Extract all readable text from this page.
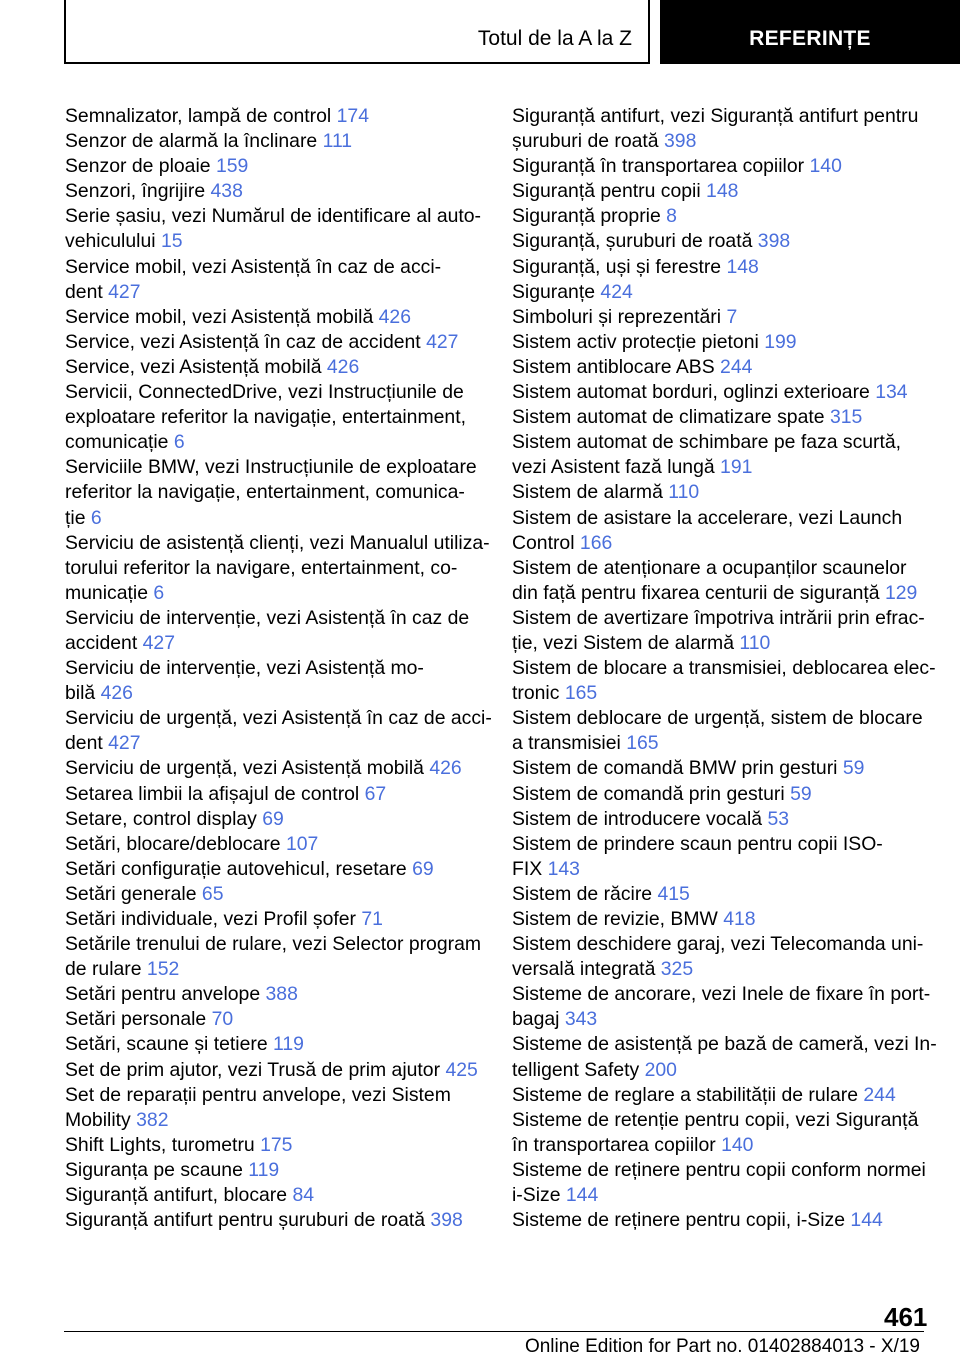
Totul de la A la Z	REFERINȚE

Semnalizator, lampă de control 174

Senzor de alarmă la înclinare 111

Senzor de ploaie 159

Senzori, îngrijire 438

Serie șasiu, vezi Numărul de identificare al auto-
vehiculului 15

Service mobil, vezi Asistență în caz de acci-
dent 427

Service mobil, vezi Asistență mobilă 426

Service, vezi Asistență în caz de accident 427

Service, vezi Asistență mobilă 426

Servicii, ConnectedDrive, vezi Instrucțiunile de
exploatare referitor la navigație, entertainment,
comunicație 6

Serviciile BMW, vezi Instrucțiunile de exploatare
referitor la navigație, entertainment, comunica-
ție 6

Serviciu de asistență clienți, vezi Manualul utiliza-
torului referitor la navigare, entertainment, co-
municație 6

Serviciu de intervenție, vezi Asistență în caz de
accident 427

Serviciu de intervenție, vezi Asistență mo-
bilă 426

Serviciu de urgență, vezi Asistență în caz de acci-
dent 427

Serviciu de urgență, vezi Asistență mobilă 426

Setarea limbii la afișajul de control 67

Setare, control display 69

Setări, blocare/deblocare 107

Setări configurație autovehicul, resetare 69

Setări generale 65

Setări individuale, vezi Profil șofer 71

Setările trenului de rulare, vezi Selector program
de rulare 152

Setări pentru anvelope 388

Setări personale 70

Setări, scaune și tetiere 119

Set de prim ajutor, vezi Trusă de prim ajutor 425

Set de reparații pentru anvelope, vezi Sistem
Mobility 382

Shift Lights, turometru 175

Siguranța pe scaune 119

Siguranță antifurt, blocare 84

Siguranță antifurt pentru șuruburi de roată 398

Siguranță antifurt, vezi Siguranță antifurt pentru
șuruburi de roată 398

Siguranță în transportarea copiilor 140

Siguranță pentru copii 148

Siguranță proprie 8

Siguranță, șuruburi de roată 398

Siguranță, uși și ferestre 148

Siguranțe 424

Simboluri și reprezentări 7

Sistem activ protecție pietoni 199

Sistem antiblocare ABS 244

Sistem automat borduri, oglinzi exterioare 134

Sistem automat de climatizare spate 315

Sistem automat de schimbare pe faza scurtă,
vezi Asistent fază lungă 191

Sistem de alarmă 110

Sistem de asistare la accelerare, vezi Launch
Control 166

Sistem de atenționare a ocupanților scaunelor
din față pentru fixarea centurii de siguranță 129

Sistem de avertizare împotriva intrării prin efrac-
ție, vezi Sistem de alarmă 110

Sistem de blocare a transmisiei, deblocarea elec-
tronic 165

Sistem deblocare de urgență, sistem de blocare
a transmisiei 165

Sistem de comandă BMW prin gesturi 59

Sistem de comandă prin gesturi 59

Sistem de introducere vocală 53

Sistem de prindere scaun pentru copii ISO-
FIX 143

Sistem de răcire 415

Sistem de revizie, BMW 418

Sistem deschidere garaj, vezi Telecomanda uni-
versală integrată 325

Sisteme de ancorare, vezi Inele de fixare în port-
bagaj 343

Sisteme de asistență pe bază de cameră, vezi In-
telligent Safety 200

Sisteme de reglare a stabilității de rulare 244

Sisteme de retenție pentru copii, vezi Siguranță
în transportarea copiilor 140

Sisteme de reținere pentru copii conform normei
i-Size 144

Sisteme de reținere pentru copii, i-Size 144

461
Online Edition for Part no. 01402884013 - X/19
